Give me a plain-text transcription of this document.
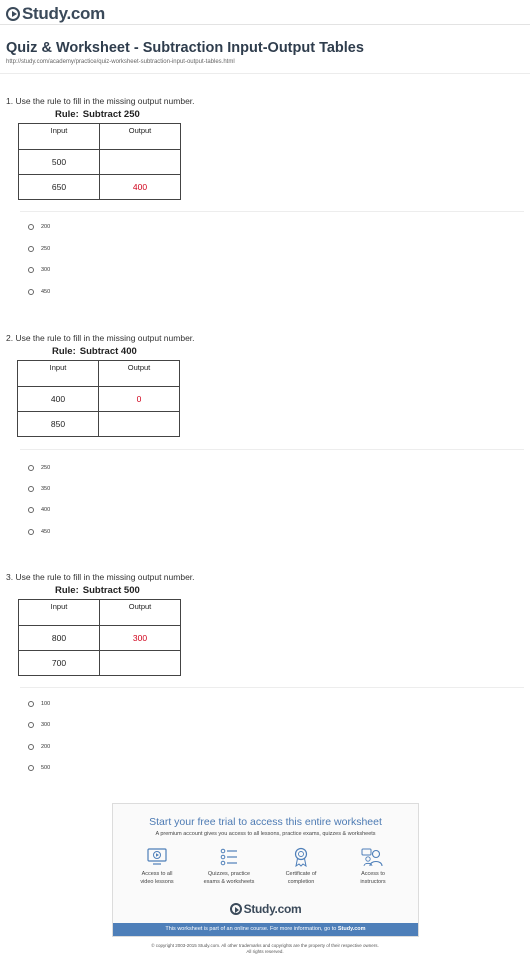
Study.com
Quiz & Worksheet - Subtraction Input-Output Tables
http://study.com/academy/practice/quiz-worksheet-subtraction-input-output-tables.html
1. Use the rule to fill in the missing output number.
Rule: Subtract 250
Input	Output
500	
650	400
200
250
300
450
2. Use the rule to fill in the missing output number.
Rule: Subtract 400
Input	Output
400	0
850	
250
350
400
450
3. Use the rule to fill in the missing output number.
Rule: Subtract 500
Input	Output
800	300
700	
100
300
200
500
Start your free trial to access this entire worksheet
A premium account gives you access to all lessons, practice exams, quizzes & worksheets
Access to all
video lessons
Quizzes, practice
exams & worksheets
Certificate of
completion
Access to
instructors
Study.com
This worksheet is part of an online course. For more information, go to Study.com
© copyright 2003-2015 Study.com. All other trademarks and copyrights are the property of their respective owners.
All rights reserved.
